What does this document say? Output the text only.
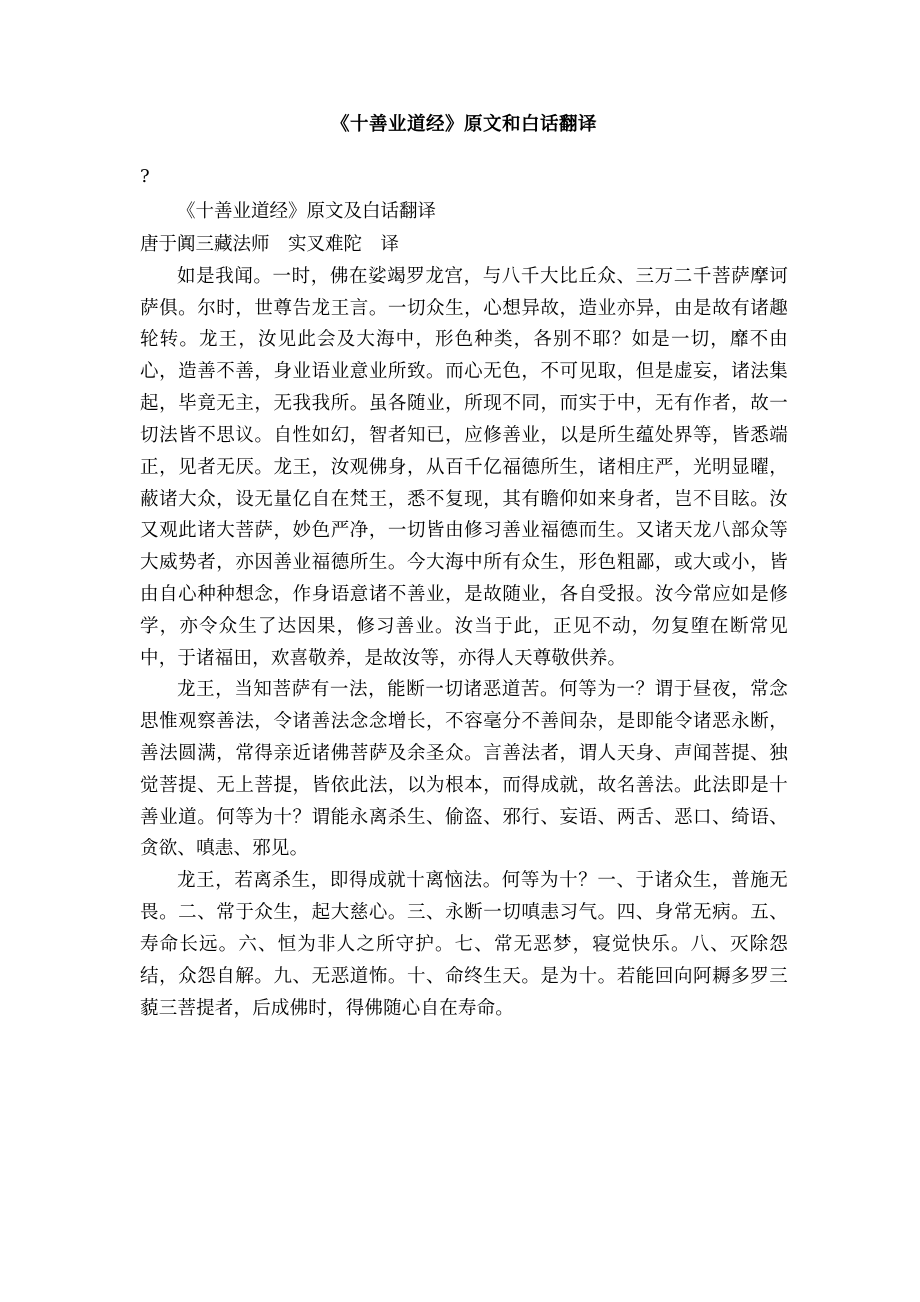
《十善业道经》原文和白话翻译

?

《十善业道经》原文及白话翻译

唐于阗三藏法师　实叉难陀　译

如是我闻。一时，佛在娑竭罗龙宫，与八千大比丘众、三万二千菩萨摩诃萨俱。尔时，世尊告龙王言。一切众生，心想异故，造业亦异，由是故有诸趣轮转。龙王，汝见此会及大海中，形色种类，各别不耶？如是一切，靡不由心，造善不善，身业语业意业所致。而心无色，不可见取，但是虚妄，诸法集起，毕竟无主，无我我所。虽各随业，所现不同，而实于中，无有作者，故一切法皆不思议。自性如幻，智者知已，应修善业，以是所生蕴处界等，皆悉端正，见者无厌。龙王，汝观佛身，从百千亿福德所生，诸相庄严，光明显曜，蔽诸大众，设无量亿自在梵王，悉不复现，其有瞻仰如来身者，岂不目眩。汝又观此诸大菩萨，妙色严净，一切皆由修习善业福德而生。又诸天龙八部众等大威势者，亦因善业福德所生。今大海中所有众生，形色粗鄙，或大或小，皆由自心种种想念，作身语意诸不善业，是故随业，各自受报。汝今常应如是修学，亦令众生了达因果，修习善业。汝当于此，正见不动，勿复堕在断常见中，于诸福田，欢喜敬养，是故汝等，亦得人天尊敬供养。

龙王，当知菩萨有一法，能断一切诸恶道苦。何等为一？谓于昼夜，常念思惟观察善法，令诸善法念念增长，不容毫分不善间杂，是即能令诸恶永断，善法圆满，常得亲近诸佛菩萨及余圣众。言善法者，谓人天身、声闻菩提、独觉菩提、无上菩提，皆依此法，以为根本，而得成就，故名善法。此法即是十善业道。何等为十？谓能永离杀生、偷盗、邪行、妄语、两舌、恶口、绮语、贪欲、嗔恚、邪见。

龙王，若离杀生，即得成就十离恼法。何等为十？一、于诸众生，普施无畏。二、常于众生，起大慈心。三、永断一切嗔恚习气。四、身常无病。五、寿命长远。六、恒为非人之所守护。七、常无恶梦，寝觉快乐。八、灭除怨结，众怨自解。九、无恶道怖。十、命终生天。是为十。若能回向阿耨多罗三藐三菩提者，后成佛时，得佛随心自在寿命。
